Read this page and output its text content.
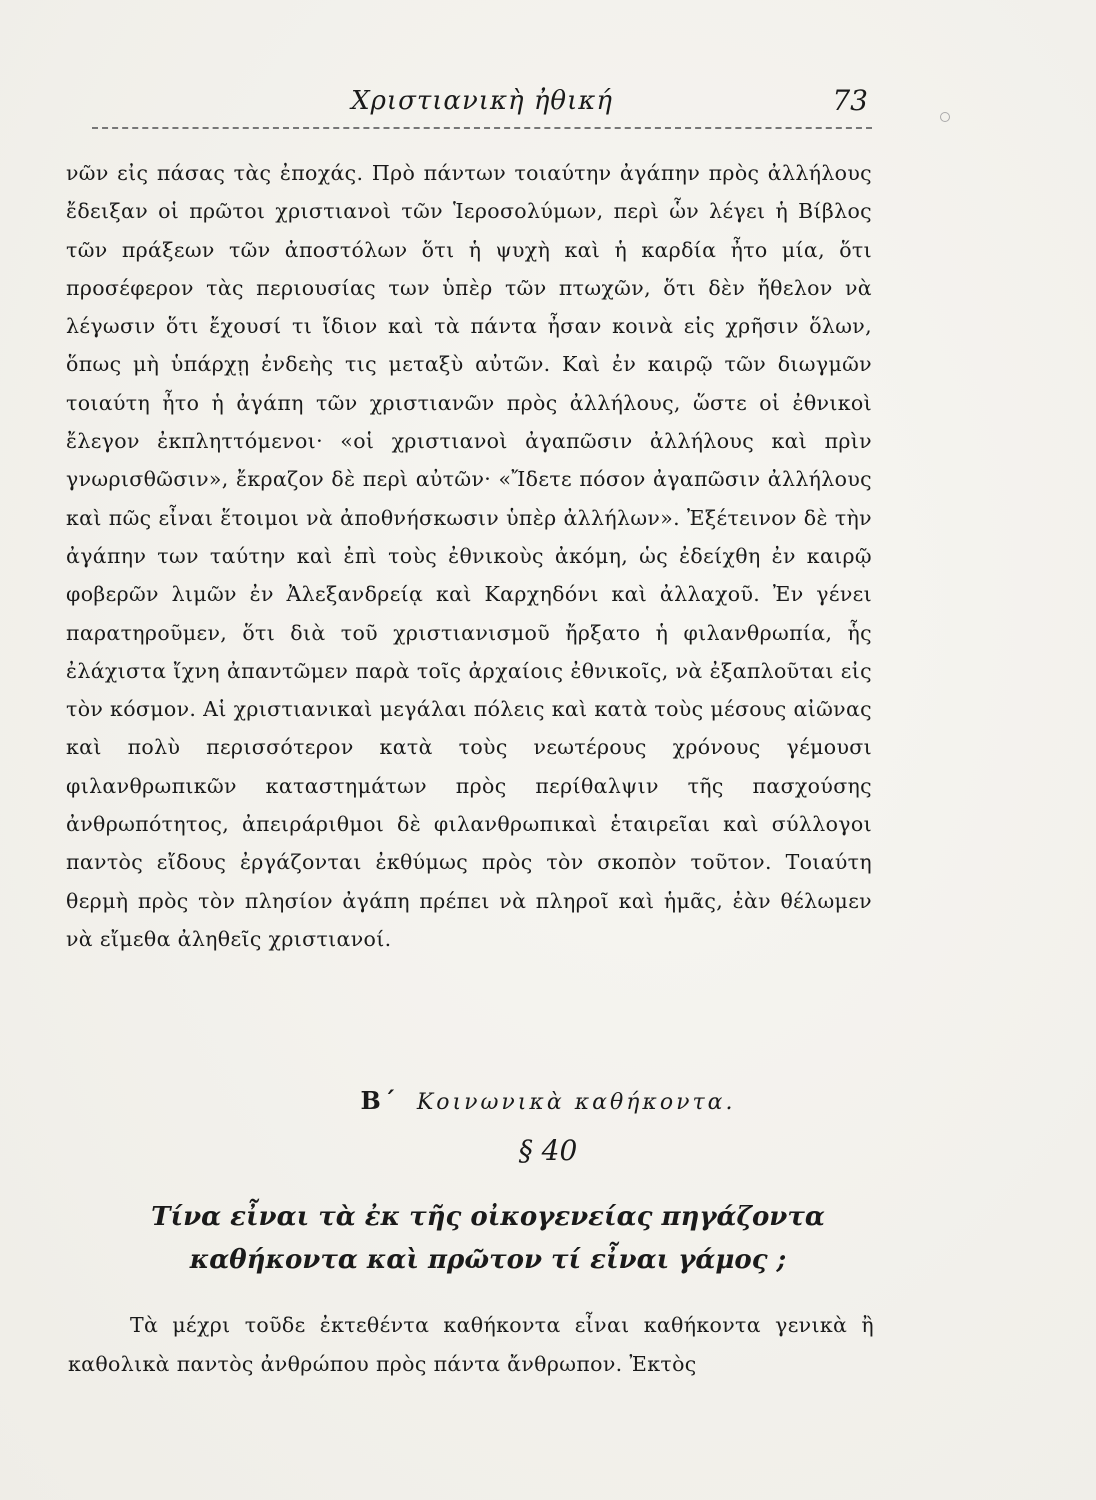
Χριστιανικὴ ἠθική	73

νῶν εἰς πάσας τὰς ἐποχάς. Πρὸ πάντων τοιαύτην ἀγάπην πρὸς ἀλλήλους ἔδειξαν οἱ πρῶτοι χριστιανοὶ τῶν Ἱεροσολύμων, περὶ ὧν λέγει ἡ Βίβλος τῶν πράξεων τῶν ἀποστόλων ὅτι ἡ ψυχὴ καὶ ἡ καρδία ἦτο μία, ὅτι προσέφερον τὰς περιουσίας των ὑπὲρ τῶν πτωχῶν, ὅτι δὲν ἤθελον νὰ λέγωσιν ὅτι ἔχουσί τι ἴδιον καὶ τὰ πάντα ἦσαν κοινὰ εἰς χρῆσιν ὅλων, ὅπως μὴ ὑπάρχῃ ἐνδεὴς τις μεταξὺ αὐτῶν. Καὶ ἐν καιρῷ τῶν διωγμῶν τοιαύτη ἦτο ἡ ἀγάπη τῶν χριστιανῶν πρὸς ἀλλήλους, ὥστε οἱ ἐθνικοὶ ἔλεγον ἐκπληττόμενοι· «οἱ χριστιανοὶ ἀγαπῶσιν ἀλλήλους καὶ πρὶν γνωρισθῶσιν», ἔκραζον δὲ περὶ αὐτῶν· «Ἴδετε πόσον ἀγαπῶσιν ἀλλήλους καὶ πῶς εἶναι ἕτοιμοι νὰ ἀποθνήσκωσιν ὑπὲρ ἀλλήλων». Ἐξέτεινον δὲ τὴν ἀγάπην των ταύτην καὶ ἐπὶ τοὺς ἐθνικοὺς ἀκόμη, ὡς ἐδείχθη ἐν καιρῷ φοβερῶν λιμῶν ἐν Ἀλεξανδρείᾳ καὶ Καρχηδόνι καὶ ἀλλαχοῦ. Ἐν γένει παρατηροῦμεν, ὅτι διὰ τοῦ χριστιανισμοῦ ἤρξατο ἡ φιλανθρωπία, ἧς ἐλάχιστα ἴχνη ἀπαντῶμεν παρὰ τοῖς ἀρχαίοις ἐθνικοῖς, νὰ ἐξαπλοῦται εἰς τὸν κόσμον. Αἱ χριστιανικαὶ μεγάλαι πόλεις καὶ κατὰ τοὺς μέσους αἰῶνας καὶ πολὺ περισσότερον κατὰ τοὺς νεωτέρους χρόνους γέμουσι φιλανθρωπικῶν καταστημάτων πρὸς περίθαλψιν τῆς πασχούσης ἀνθρωπότητος, ἀπειράριθμοι δὲ φιλανθρωπικαὶ ἑταιρεῖαι καὶ σύλλογοι παντὸς εἴδους ἐργάζονται ἐκθύμως πρὸς τὸν σκοπὸν τοῦτον. Τοιαύτη θερμὴ πρὸς τὸν πλησίον ἀγάπη πρέπει νὰ πληροῖ καὶ ἡμᾶς, ἐὰν θέλωμεν νὰ εἴμεθα ἀληθεῖς χριστιανοί.

Β΄ Κοινωνικὰ καθήκοντα.
§ 40
Τίνα εἶναι τὰ ἐκ τῆς οἰκογενείας πηγάζοντα καθήκοντα καὶ πρῶτον τί εἶναι γάμος ;

Τὰ μέχρι τοῦδε ἐκτεθέντα καθήκοντα εἶναι καθήκοντα γενικὰ ἢ καθολικὰ παντὸς ἀνθρώπου πρὸς πάντα ἄνθρωπον. Ἐκτὸς
